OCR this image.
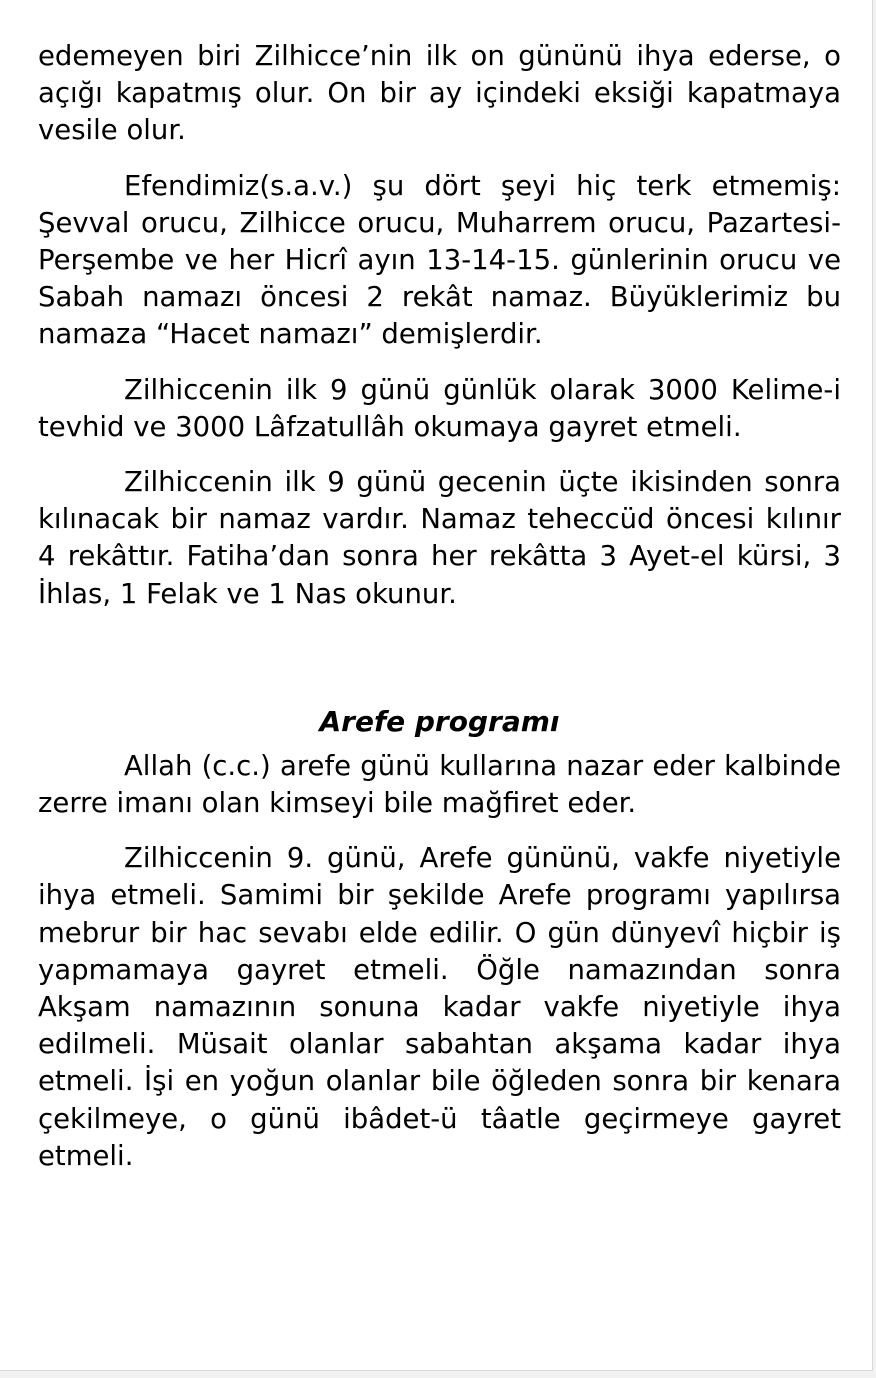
edemeyen biri Zilhicce’nin ilk on gününü ihya ederse, o açığı kapatmış olur. On bir ay içindeki eksiği kapatmaya vesile olur.

Efendimiz(s.a.v.) şu dört şeyi hiç terk etmemiş: Şevval orucu, Zilhicce orucu, Muharrem orucu, Pazartesi-Perşembe ve her Hicrî ayın 13-14-15. günlerinin orucu ve Sabah namazı öncesi 2 rekât namaz. Büyüklerimiz bu namaza “Hacet namazı” demişlerdir.

Zilhiccenin ilk 9 günü günlük olarak 3000 Kelime-i tevhid ve 3000 Lâfzatullâh okumaya gayret etmeli.

Zilhiccenin ilk 9 günü gecenin üçte ikisinden sonra kılınacak bir namaz vardır. Namaz teheccüd öncesi kılınır 4 rekâttır. Fatiha’dan sonra her rekâtta 3 Ayet-el kürsi, 3 İhlas, 1 Felak ve 1 Nas okunur.

Arefe programı

Allah (c.c.) arefe günü kullarına nazar eder kalbinde zerre imanı olan kimseyi bile mağfiret eder.

Zilhiccenin 9. günü, Arefe gününü, vakfe niyetiyle ihya etmeli. Samimi bir şekilde Arefe programı yapılırsa mebrur bir hac sevabı elde edilir. O gün dünyevî hiçbir iş yapmamaya gayret etmeli. Öğle namazından sonra Akşam namazının sonuna kadar vakfe niyetiyle ihya edilmeli. Müsait olanlar sabahtan akşama kadar ihya etmeli. İşi en yoğun olanlar bile öğleden sonra bir kenara çekilmeye, o günü ibâdet-ü tâatle geçirmeye gayret etmeli.
